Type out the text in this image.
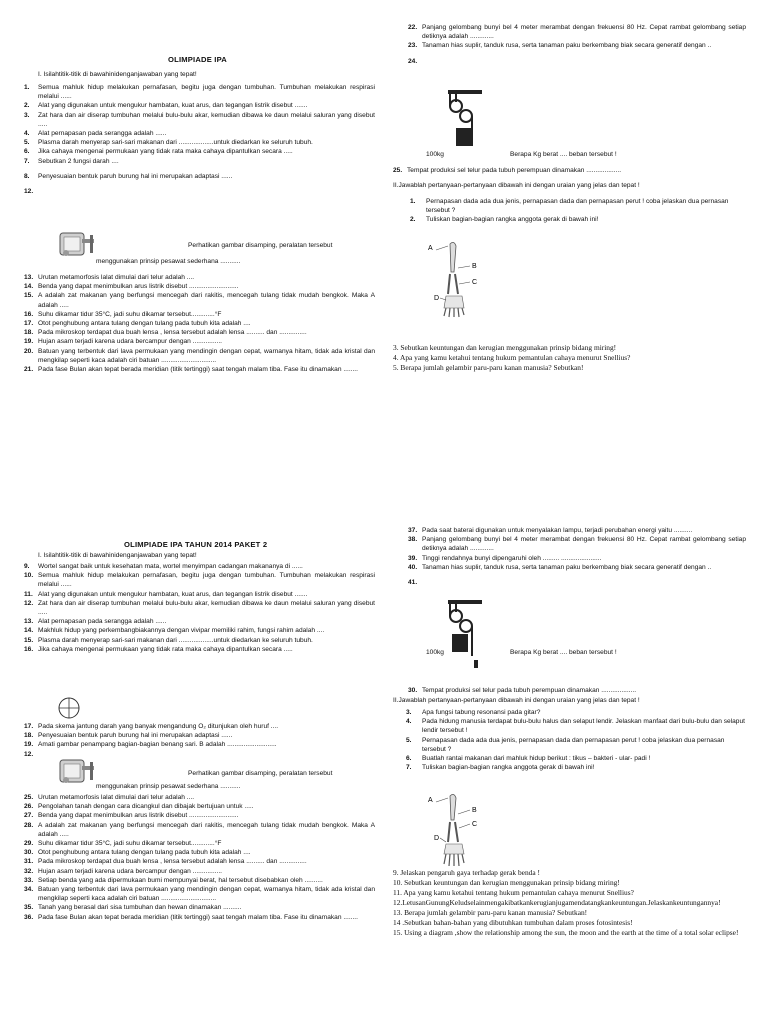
OLIMPIADE IPA
I. Isilahtitik-titik di bawahinidenganjawaban yang tepat!
1. Semua mahluk hidup melakukan pernafasan, begitu juga dengan tumbuhan. Tumbuhan melakukan respirasi melalui ......
2. Alat yang digunakan untuk mengukur hambatan, kuat arus, dan tegangan listrik disebut .......
3. Zat hara dan air diserap tumbuhan melalui bulu-bulu akar, kemudian dibawa ke daun melalui saluran yang disebut .....
4. Alat pernapasan pada serangga adalah ......
5. Plasma darah menyerap sari-sari makanan dari ...................untuk diedarkan ke seluruh tubuh.
6. Jika cahaya mengenai permukaan yang tidak rata maka cahaya dipantulkan secara .....
7. Sebutkan 2 fungsi darah ....
8. Penyesuaian bentuk paruh burung hal ini merupakan adaptasi ......
12.

Perhatikan gambar disamping, peralatan tersebut
menggunakan prinsip pesawat sederhana ...........
13. Urutan metamorfosis lalat dimulai dari telur adalah ....
14. Benda yang dapat menimbulkan arus listrik disebut ...........................
15. A adalah zat makanan yang berfungsi mencegah dari rakitis, mencegah tulang tidak mudah bengkok. Maka A adalah .....
16. Suhu dikamar tidur 35°C, jadi suhu dikamar tersebut.............°F
17. Otot penghubung antara tulang dengan tulang pada tubuh kita adalah ....
18. Pada mikroskop terdapat dua buah lensa , lensa tersebut adalah lensa .......... dan ...............
19. Hujan asam terjadi karena udara bercampur dengan ................
20. Batuan yang terbentuk dari lava permukaan yang mendingin dengan cepat, warnanya hitam, tidak ada kristal dan mengkilap seperti kaca adalah ciri batuan ..............................
21. Pada fase Bulan akan tepat berada meridian (titik tertinggi) saat tengah malam tiba. Fase itu dinamakan ........
22. Panjang gelombang bunyi bel 4 meter merambat dengan frekuensi 80 Hz. Cepat rambat gelombang setiap detiknya adalah .............
23. Tanaman hias suplir, tanduk rusa, serta tanaman paku berkembang biak secara generatif dengan ..
24.

100kg	Berapa Kg berat .... beban tersebut !
25. Tempat produksi sel telur pada tubuh perempuan dinamakan ...................
II.Jawablah pertanyaan-pertanyaan dibawah ini dengan uraian yang jelas dan tepat !
1. Pernapasan dada ada dua jenis, pernapasan dada dan pernapasan perut ! coba jelaskan dua pernasan tersebut ?
2. Tuliskan bagian-bagian rangka anggota gerak di bawah ini!
A
B
C
D
3. Sebutkan keuntungan dan kerugian menggunakan prinsip bidang miring!
4. Apa yang kamu ketahui tentang hukum pemantulan cahaya menurut Snellius?
5. Berapa jumlah gelambir paru-paru kanan manusia? Sebutkan!
OLIMPIADE IPA TAHUN 2014 PAKET 2
I. Isilahtitik-titik di bawahinidenganjawaban yang tepat!
9. Wortel sangat baik untuk kesehatan mata, wortel menyimpan cadangan makananya di ......
10. Semua mahluk hidup melakukan pernafasan, begitu juga dengan tumbuhan. Tumbuhan melakukan respirasi melalui ......
11. Alat yang digunakan untuk mengukur hambatan, kuat arus, dan tegangan listrik disebut .......
12. Zat hara dan air diserap tumbuhan melalui bulu-bulu akar, kemudian dibawa ke daun melalui saluran yang disebut .....
13. Alat pernapasan pada serangga adalah ......
14. Makhluk hidup yang perkembangbiakannya dengan vivipar memiliki rahim, fungsi rahim adalah ....
15. Plasma darah menyerap sari-sari makanan dari ...................untuk diedarkan ke seluruh tubuh.
16. Jika cahaya mengenai permukaan yang tidak rata maka cahaya dipantulkan secara .....
17. Pada skema jantung darah yang banyak mengandung O₂ ditunjukan oleh huruf ....
18. Penyesuaian bentuk paruh burung hal ini merupakan adaptasi ......
19. Amati gambar penampang bagian-bagian benang sari. B adalah ...........................
12.

Perhatikan gambar disamping, peralatan tersebut
menggunakan prinsip pesawat sederhana ...........
25. Urutan metamorfosis lalat dimulai dari telur adalah ....
26. Pengolahan tanah dengan cara dicangkul dan dibajak bertujuan untuk .....
27. Benda yang dapat menimbulkan arus listrik disebut ...........................
28. A adalah zat makanan yang berfungsi mencegah dari rakitis, mencegah tulang tidak mudah bengkok. Maka A adalah .....
29. Suhu dikamar tidur 35°C, jadi suhu dikamar tersebut.............°F
30. Otot penghubung antara tulang dengan tulang pada tubuh kita adalah ....
31. Pada mikroskop terdapat dua buah lensa , lensa tersebut adalah lensa .......... dan ...............
32. Hujan asam terjadi karena udara bercampur dengan ................
33. Setiap benda yang ada dipermukaan bumi mempunyai berat, hal tersebut disebabkan oleh ..........
34. Batuan yang terbentuk dari lava permukaan yang mendingin dengan cepat, warnanya hitam, tidak ada kristal dan mengkilap seperti kaca adalah ciri batuan ..............................
35. Tanah yang berasal dari sisa tumbuhan dan hewan dinamakan ..........
36. Pada fase Bulan akan tepat berada meridian (titik tertinggi) saat tengah malam tiba. Fase itu dinamakan ........
37. Pada saat baterai digunakan untuk menyalakan lampu, terjadi perubahan energi yaitu ..........
38. Panjang gelombang bunyi bel 4 meter merambat dengan frekuensi 80 Hz. Cepat rambat gelombang setiap detiknya adalah .............
39. Tinggi rendahnya bunyi dipengaruhi oleh ......... ......................
40. Tanaman hias suplir, tanduk rusa, serta tanaman paku berkembang biak secara generatif dengan ..
41.

100kg	Berapa Kg berat .... beban tersebut !
30. Tempat produksi sel telur pada tubuh perempuan dinamakan ...................
II.Jawablah pertanyaan-pertanyaan dibawah ini dengan uraian yang jelas dan tepat !
3. Apa fungsi tabung resonansi pada gitar?
4. Pada hidung manusia terdapat bulu-bulu halus dan selaput lendir. Jelaskan manfaat dari bulu-bulu dan selaput lendir tersebut !
5. Pernapasan dada ada dua jenis, pernapasan dada dan pernapasan perut ! coba jelaskan dua pernasan tersebut ?
6. Buatlah rantai makanan dari mahluk hidup berikut : tikus – bakteri - ular- padi !
7. Tuliskan bagian-bagian rangka anggota gerak di bawah ini!
A
B
C
D
9. Jelaskan pengaruh gaya terhadap gerak benda !
10. Sebutkan keuntungan dan kerugian menggunakan prinsip bidang miring!
11. Apa yang kamu ketahui tentang hukum pemantulan cahaya menurut Snellius?
12.LetusanGunungKeludselainmengakibatkankerugianjugamendatangkankeuntungan.Jelaskankeuntungannya!
13. Berapa jumlah gelambir paru-paru kanan manusia? Sebutkan!
14 .Sebutkan bahan-bahan yang dibutuhkan tumbuhan dalam proses fotosintesis!
15. Using a diagram ,show the relationship among the sun, the moon and the earth at the time of a total solar eclipse!
